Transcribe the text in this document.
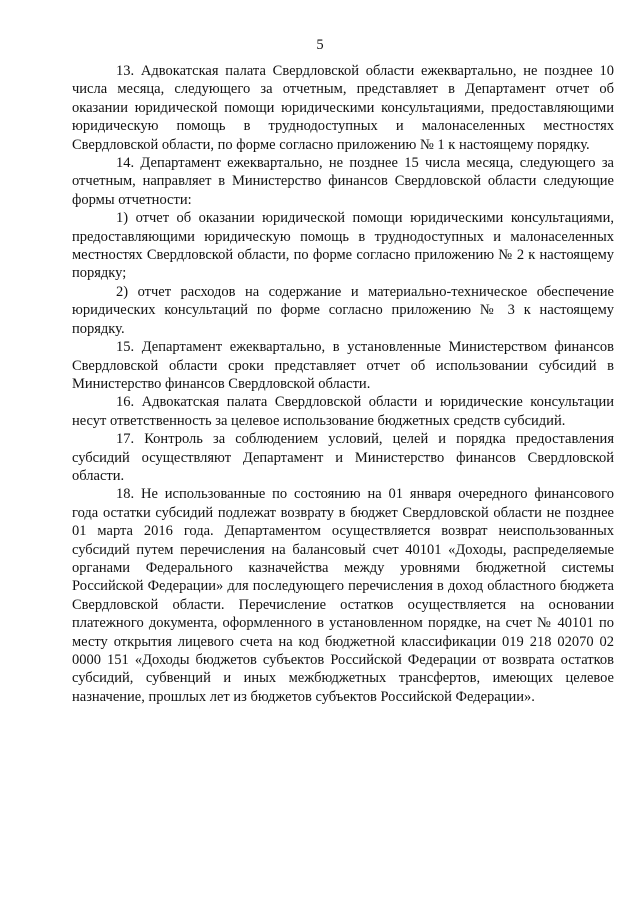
5

13. Адвокатская палата Свердловской области ежеквартально, не позднее 10 числа месяца, следующего за отчетным, представляет в Департамент отчет об оказании юридической помощи юридическими консультациями, предоставляющими юридическую помощь в труднодоступных и малонаселенных местностях Свердловской области, по форме согласно приложению № 1 к настоящему порядку.

14. Департамент ежеквартально, не позднее 15 числа месяца, следующего за отчетным, направляет в Министерство финансов Свердловской области следующие формы отчетности:

1) отчет об оказании юридической помощи юридическими консультациями, предоставляющими юридическую помощь в труднодоступных и малонаселенных местностях Свердловской области, по форме согласно приложению № 2 к настоящему порядку;

2) отчет расходов на содержание и материально-техническое обеспечение юридических консультаций по форме согласно приложению № 3 к настоящему порядку.

15. Департамент ежеквартально, в установленные Министерством финансов Свердловской области сроки представляет отчет об использовании субсидий в Министерство финансов Свердловской области.

16. Адвокатская палата Свердловской области и юридические консультации несут ответственность за целевое использование бюджетных средств субсидий.

17. Контроль за соблюдением условий, целей и порядка предоставления субсидий осуществляют Департамент и Министерство финансов Свердловской области.

18. Не использованные по состоянию на 01 января очередного финансового года остатки субсидий подлежат возврату в бюджет Свердловской области не позднее 01 марта 2016 года. Департаментом осуществляется возврат неиспользованных субсидий путем перечисления на балансовый счет 40101 «Доходы, распределяемые органами Федерального казначейства между уровнями бюджетной системы Российской Федерации» для последующего перечисления в доход областного бюджета Свердловской области. Перечисление остатков осуществляется на основании платежного документа, оформленного в установленном порядке, на счет № 40101 по месту открытия лицевого счета на код бюджетной классификации 019 218 02070 02 0000 151 «Доходы бюджетов субъектов Российской Федерации от возврата остатков субсидий, субвенций и иных межбюджетных трансфертов, имеющих целевое назначение, прошлых лет из бюджетов субъектов Российской Федерации».
